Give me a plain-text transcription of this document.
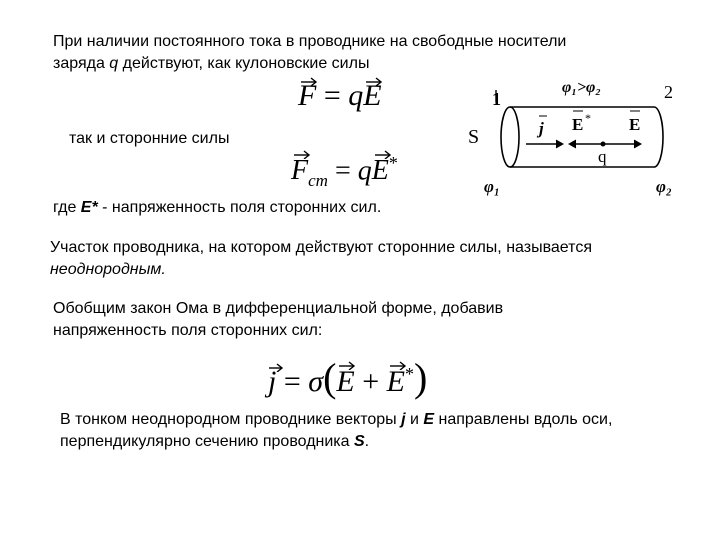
При наличии постоянного тока в проводнике на свободные носители
заряда q действуют, как кулоновские силы
F = q
E
так и сторонние силы
$F_{cm} = q$
E*
где E* - напряженность поля сторонних сил.
1	2
φ₁>φ₂
S	j E * E
q
φ₁	φ₂
Участок проводника, на котором действуют сторонние силы, называется
неоднородным.
Обобщим закон Ома в дифференциальной форме, добавив
напряженность поля сторонних сил:
j = σ(
E +
E*)
В тонком неоднородном проводнике векторы j и E направлены вдоль оси,
перпендикулярно сечению проводника S.
